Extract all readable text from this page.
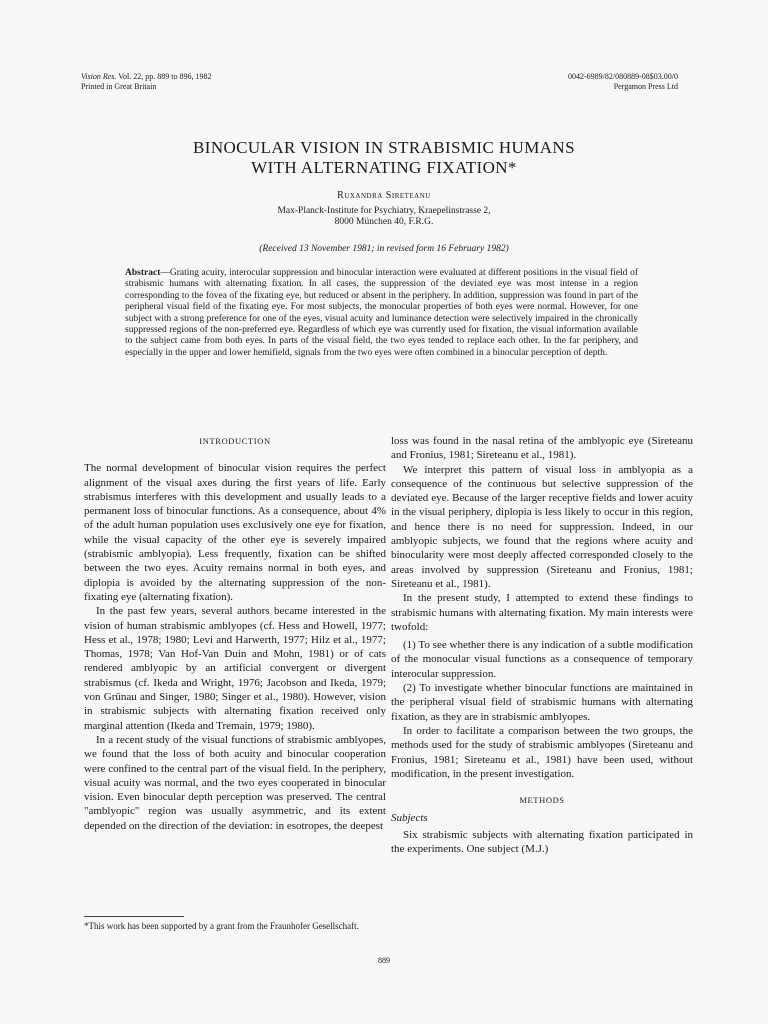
Vision Res. Vol. 22, pp. 889 to 896, 1982
Printed in Great Britain
0042-6989/82/080889-08$03.00/0
Pergamon Press Ltd
BINOCULAR VISION IN STRABISMIC HUMANS
WITH ALTERNATING FIXATION*
Ruxandra Sireteanu
Max-Planck-Institute for Psychiatry, Kraepelinstrasse 2,
8000 München 40, F.R.G.
(Received 13 November 1981; in revised form 16 February 1982)
Abstract—Grating acuity, interocular suppression and binocular interaction were evaluated at different positions in the visual field of strabismic humans with alternating fixation. In all cases, the suppression of the deviated eye was most intense in a region corresponding to the fovea of the fixating eye, but reduced or absent in the periphery. In addition, suppression was found in part of the peripheral visual field of the fixating eye. For most subjects, the monocular properties of both eyes were normal. However, for one subject with a strong preference for one of the eyes, visual acuity and luminance detection were selectively impaired in the chronically suppressed regions of the non-preferred eye. Regardless of which eye was currently used for fixation, the visual information available to the subject came from both eyes. In parts of the visual field, the two eyes tended to replace each other. In the far periphery, and especially in the upper and lower hemifield, signals from the two eyes were often combined in a binocular perception of depth.
INTRODUCTION

The normal development of binocular vision requires the perfect alignment of the visual axes during the first years of life. Early strabismus interferes with this development and usually leads to a permanent loss of binocular functions. As a consequence, about 4% of the adult human population uses exclusively one eye for fixation, while the visual capacity of the other eye is severely impaired (strabismic amblyopia). Less frequently, fixation can be shifted between the two eyes. Acuity remains normal in both eyes, and diplopia is avoided by the alternating suppression of the non-fixating eye (alternating fixation).

In the past few years, several authors became interested in the vision of human strabismic amblyopes (cf. Hess and Howell, 1977; Hess et al., 1978; 1980; Levi and Harwerth, 1977; Hilz et al., 1977; Thomas, 1978; Van Hof-Van Duin and Mohn, 1981) or of cats rendered amblyopic by an artificial convergent or divergent strabismus (cf. Ikeda and Wright, 1976; Jacobson and Ikeda, 1979; von Grünau and Singer, 1980; Singer et al., 1980). However, vision in strabismic subjects with alternating fixation received only marginal attention (Ikeda and Tremain, 1979; 1980).

In a recent study of the visual functions of strabismic amblyopes, we found that the loss of both acuity and binocular cooperation were confined to the central part of the visual field. In the periphery, visual acuity was normal, and the two eyes cooperated in binocular vision. Even binocular depth perception was preserved. The central "amblyopic" region was usually asymmetric, and its extent depended on the direction of the deviation: in esotropes, the deepest

loss was found in the nasal retina of the amblyopic eye (Sireteanu and Fronius, 1981; Sireteanu et al., 1981).

We interpret this pattern of visual loss in amblyopia as a consequence of the continuous but selective suppression of the deviated eye. Because of the larger receptive fields and lower acuity in the visual periphery, diplopia is less likely to occur in this region, and hence there is no need for suppression. Indeed, in our amblyopic subjects, we found that the regions where acuity and binocularity were most deeply affected corresponded closely to the areas involved by suppression (Sireteanu and Fronius, 1981; Sireteanu et al., 1981).

In the present study, I attempted to extend these findings to strabismic humans with alternating fixation. My main interests were twofold:

(1) To see whether there is any indication of a subtle modification of the monocular visual functions as a consequence of temporary interocular suppression.

(2) To investigate whether binocular functions are maintained in the peripheral visual field of strabismic humans with alternating fixation, as they are in strabismic amblyopes.

In order to facilitate a comparison between the two groups, the methods used for the study of strabismic amblyopes (Sireteanu and Fronius, 1981; Sireteanu et al., 1981) have been used, without modification, in the present investigation.

METHODS
Subjects

Six strabismic subjects with alternating fixation participated in the experiments. One subject (M.J.)

*This work has been supported by a grant from the Fraunhofer Gesellschaft.
889
